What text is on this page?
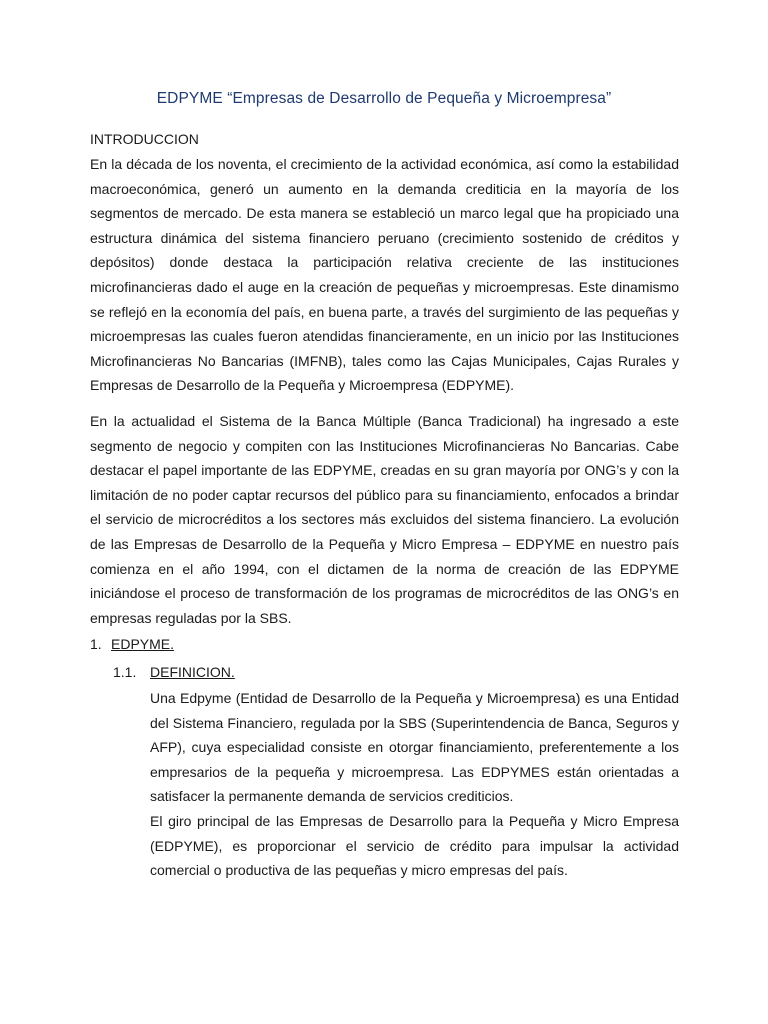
EDPYME “Empresas de Desarrollo de Pequeña y Microempresa”
INTRODUCCION

En la década de los noventa, el crecimiento de la actividad económica, así como la estabilidad macroeconómica, generó un aumento en la demanda crediticia en la mayoría de los segmentos de mercado. De esta manera se estableció un marco legal que ha propiciado una estructura dinámica del sistema financiero peruano (crecimiento sostenido de créditos y depósitos) donde destaca la participación relativa creciente de las instituciones microfinancieras dado el auge en la creación de pequeñas y microempresas. Este dinamismo se reflejó en la economía del país, en buena parte, a través del surgimiento de las pequeñas y microempresas las cuales fueron atendidas financieramente, en un inicio por las Instituciones Microfinancieras No Bancarias (IMFNB), tales como las Cajas Municipales, Cajas Rurales y Empresas de Desarrollo de la Pequeña y Microempresa (EDPYME).

En la actualidad el Sistema de la Banca Múltiple (Banca Tradicional) ha ingresado a este segmento de negocio y compiten con las Instituciones Microfinancieras No Bancarias. Cabe destacar el papel importante de las EDPYME, creadas en su gran mayoría por ONG’s y con la limitación de no poder captar recursos del público para su financiamiento, enfocados a brindar el servicio de microcréditos a los sectores más excluidos del sistema financiero. La evolución de las Empresas de Desarrollo de la Pequeña y Micro Empresa – EDPYME en nuestro país comienza en el año 1994, con el dictamen de la norma de creación de las EDPYME iniciándose el proceso de transformación de los programas de microcréditos de las ONG’s en empresas reguladas por la SBS.

1. EDPYME.
1.1. DEFINICION.

Una Edpyme (Entidad de Desarrollo de la Pequeña y Microempresa) es una Entidad del Sistema Financiero, regulada por la SBS (Superintendencia de Banca, Seguros y AFP), cuya especialidad consiste en otorgar financiamiento, preferentemente a los empresarios de la pequeña y microempresa. Las EDPYMES están orientadas a satisfacer la permanente demanda de servicios crediticios.

El giro principal de las Empresas de Desarrollo para la Pequeña y Micro Empresa (EDPYME), es proporcionar el servicio de crédito para impulsar la actividad comercial o productiva de las pequeñas y micro empresas del país.
